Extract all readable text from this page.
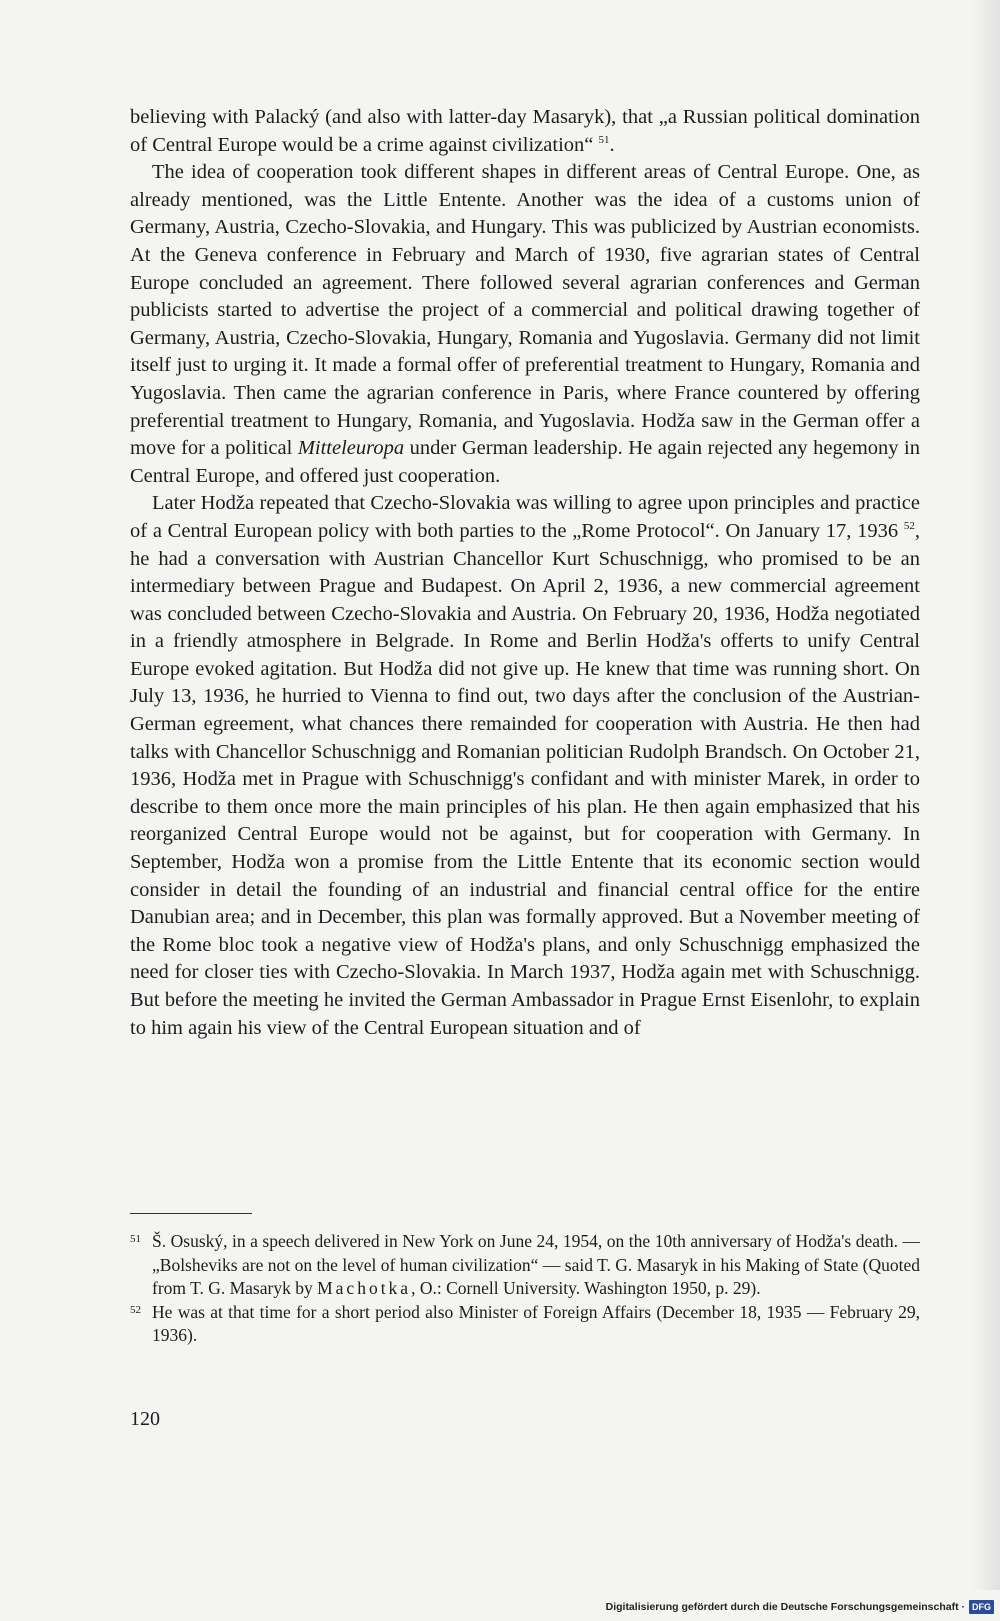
believing with Palacký (and also with latter-day Masaryk), that „a Russian political domination of Central Europe would be a crime against civilization“ $^{51}$.

The idea of cooperation took different shapes in different areas of Central Europe. One, as already mentioned, was the Little Entente. Another was the idea of a customs union of Germany, Austria, Czecho-Slovakia, and Hungary. This was publicized by Austrian economists. At the Geneva conference in February and March of 1930, five agrarian states of Central Europe concluded an agreement. There followed several agrarian conferences and German publicists started to advertise the project of a commercial and political drawing together of Germany, Austria, Czecho-Slovakia, Hungary, Romania and Yugoslavia. Germany did not limit itself just to urging it. It made a formal offer of preferential treatment to Hungary, Romania and Yugoslavia. Then came the agrarian conference in Paris, where France countered by offering preferential treatment to Hungary, Romania, and Yugoslavia. Hodža saw in the German offer a move for a political Mitteleuropa under German leadership. He again rejected any hegemony in Central Europe, and offered just cooperation.

Later Hodža repeated that Czecho-Slovakia was willing to agree upon principles and practice of a Central European policy with both parties to the „Rome Protocol“. On January 17, 1936 $^{52}$, he had a conversation with Austrian Chancellor Kurt Schuschnigg, who promised to be an intermediary between Prague and Budapest. On April 2, 1936, a new commercial agreement was concluded between Czecho-Slovakia and Austria. On February 20, 1936, Hodža negotiated in a friendly atmosphere in Belgrade. In Rome and Berlin Hodža's offerts to unify Central Europe evoked agitation. But Hodža did not give up. He knew that time was running short. On July 13, 1936, he hurried to Vienna to find out, two days after the conclusion of the Austrian-German egreement, what chances there remainded for cooperation with Austria. He then had talks with Chancellor Schuschnigg and Romanian politician Rudolph Brandsch. On October 21, 1936, Hodža met in Prague with Schuschnigg's confidant and with minister Marek, in order to describe to them once more the main principles of his plan. He then again emphasized that his reorganized Central Europe would not be against, but for cooperation with Germany. In September, Hodža won a promise from the Little Entente that its economic section would consider in detail the founding of an industrial and financial central office for the entire Danubian area; and in December, this plan was formally approved. But a November meeting of the Rome bloc took a negative view of Hodža's plans, and only Schuschnigg emphasized the need for closer ties with Czecho-Slovakia. In March 1937, Hodža again met with Schuschnigg. But before the meeting he invited the German Ambassador in Prague Ernst Eisenlohr, to explain to him again his view of the Central European situation and of

51 Š. Osuský, in a speech delivered in New York on June 24, 1954, on the 10th anniversary of Hodža's death. — „Bolsheviks are not on the level of human civilization“ — said T. G. Masaryk in his Making of State (Quoted from T. G. Masaryk by Machotka, O.: Cornell University. Washington 1950, p. 29).
52 He was at that time for a short period also Minister of Foreign Affairs (December 18, 1935 — February 29, 1936).
120
Digitalisierung gefördert durch die Deutsche Forschungsgemeinschaft · DFG
